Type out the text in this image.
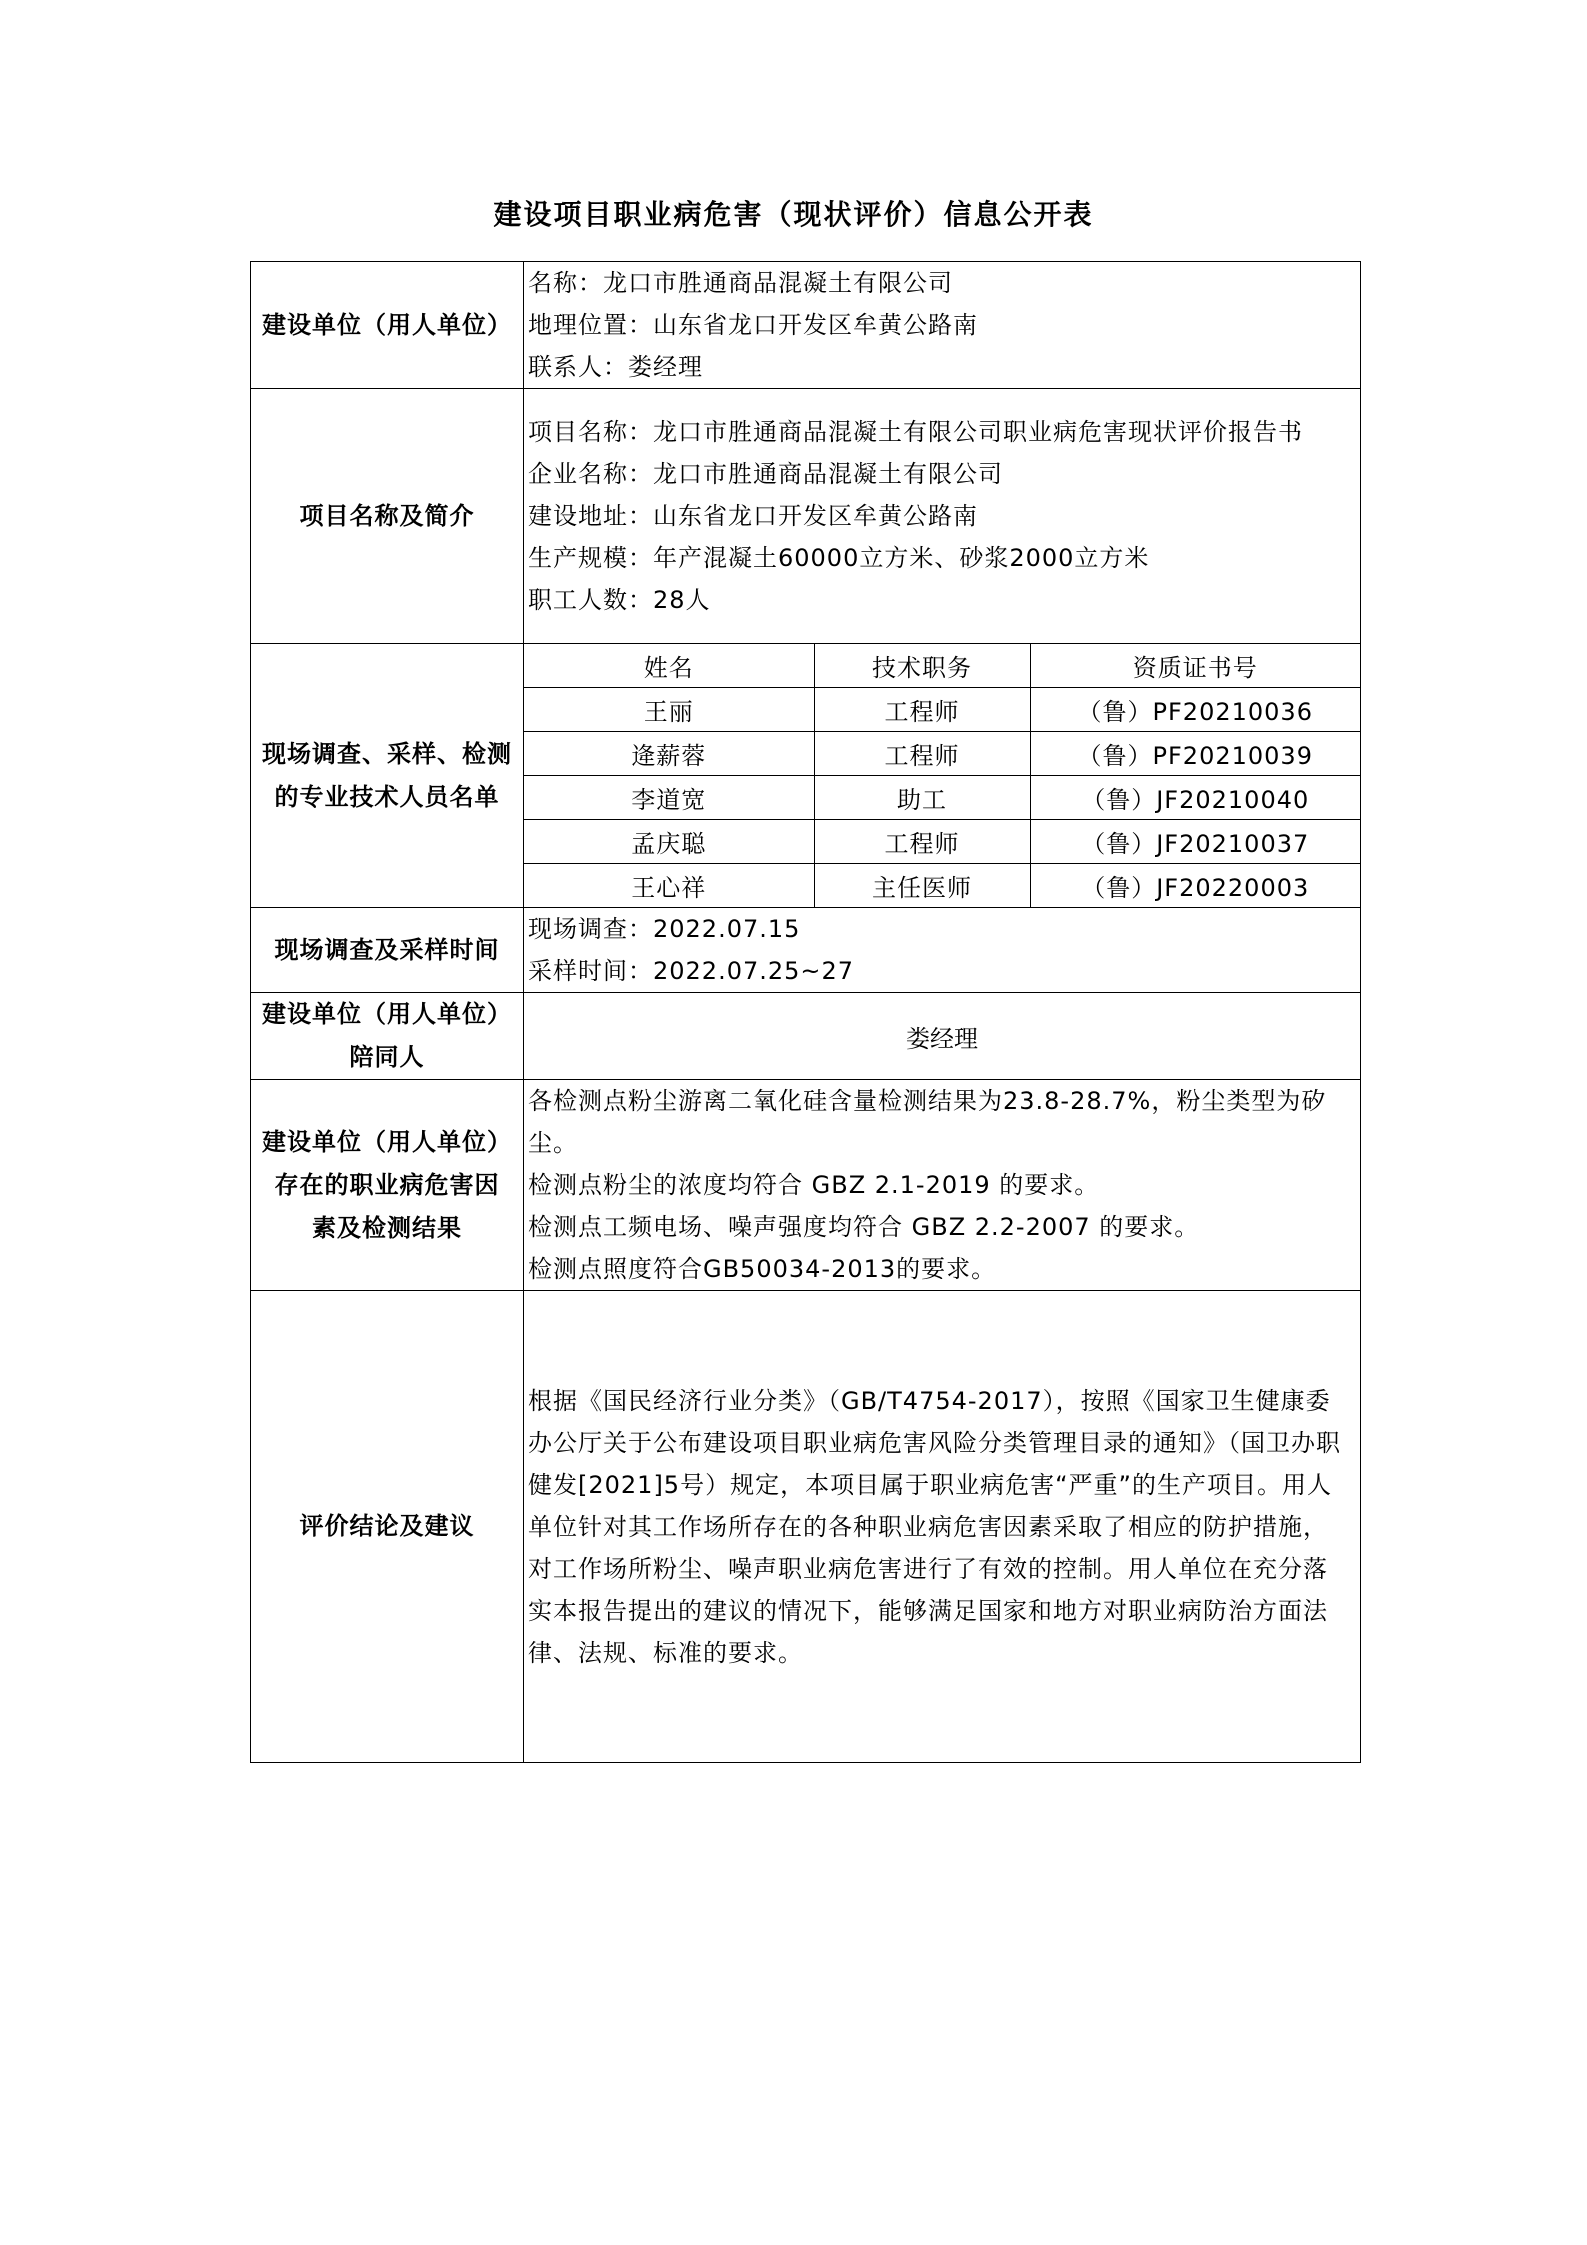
建设项目职业病危害（现状评价）信息公开表
建设单位（用人单位）	
名称：龙口市胜通商品混凝土有限公司
地理位置：山东省龙口开发区牟黄公路南
联系人：娄经理

项目名称及简介	
项目名称：龙口市胜通商品混凝土有限公司职业病危害现状评价报告书
企业名称：龙口市胜通商品混凝土有限公司
建设地址：山东省龙口开发区牟黄公路南
生产规模：年产混凝土60000立方米、砂浆2000立方米
职工人数：28人

现场调查、采样、检测
的专业技术人员名单

姓名	技术职务	资质证书号
王丽	工程师	（鲁）PF20210036
逄薪蓉	工程师	（鲁）PF20210039
李道宽	助工	（鲁）JF20210040
孟庆聪	工程师	（鲁）JF20210037
王心祥	主任医师	（鲁）JF20220003

现场调查及采样时间	
现场调查：2022.07.15
采样时间：2022.07.25~27

建设单位（用人单位）
陪同人
	娄经理

建设单位（用人单位）
存在的职业病危害因
素及检测结果

各检测点粉尘游离二氧化硅含量检测结果为23.8-28.7%，粉尘类型为矽尘。
检测点粉尘的浓度均符合 GBZ 2.1-2019 的要求。
检测点工频电场、噪声强度均符合 GBZ 2.2-2007 的要求。
检测点照度符合GB50034-2013的要求。

评价结论及建议	
根据《国民经济行业分类》（GB/T4754-2017），按照《国家卫生健康委办公厅关于公布建设项目职业病危害风险分类管理目录的通知》（国卫办职健发[2021]5号）规定，本项目属于职业病危害“严重”的生产项目。用人单位针对其工作场所存在的各种职业病危害因素采取了相应的防护措施，对工作场所粉尘、噪声职业病危害进行了有效的控制。用人单位在充分落实本报告提出的建议的情况下，能够满足国家和地方对职业病防治方面法律、法规、标准的要求。
